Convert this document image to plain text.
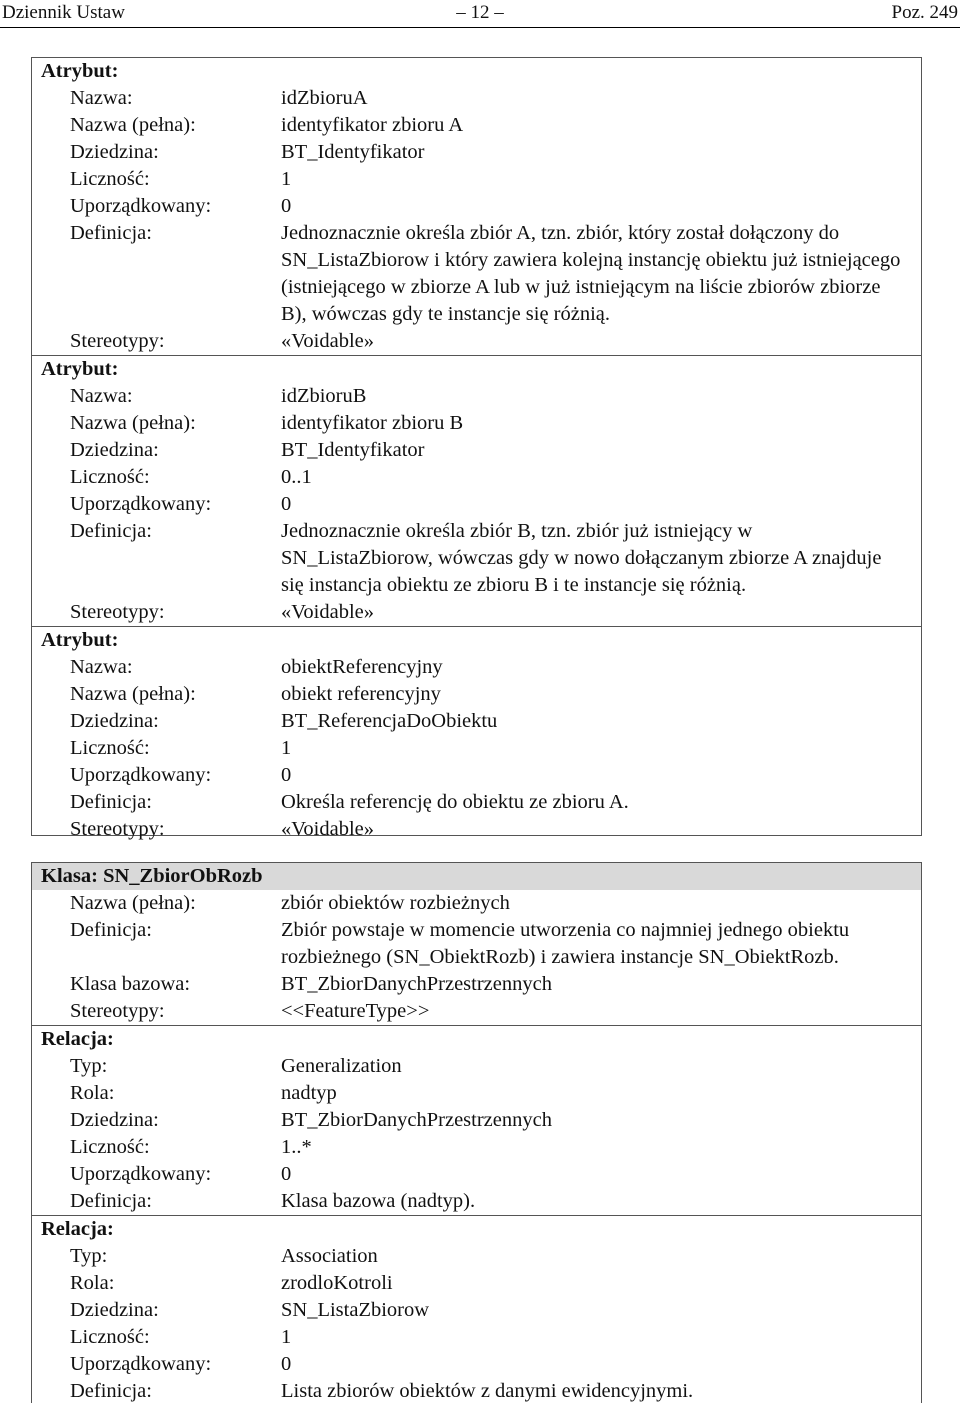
Dziennik Ustaw	– 12 –	Poz. 249
Atrybut:
Nazwa:	idZbioruA
Nazwa (pełna):	identyfikator zbioru A
Dziedzina:	BT_Identyfikator
Liczność:	1
Uporządkowany:	0
Definicja:	Jednoznacznie określa zbiór A, tzn. zbiór, który został dołączony do SN_ListaZbiorow i który zawiera kolejną instancję obiektu już istniejącego (istniejącego w zbiorze A lub w już istniejącym na liście zbiorów zbiorze B), wówczas gdy te instancje się różnią.
Stereotypy:	«Voidable»
Atrybut:
Nazwa:	idZbioruB
Nazwa (pełna):	identyfikator zbioru B
Dziedzina:	BT_Identyfikator
Liczność:	0..1
Uporządkowany:	0
Definicja:	Jednoznacznie określa zbiór B, tzn. zbiór już istniejący w SN_ListaZbiorow, wówczas gdy w nowo dołączanym zbiorze A znajduje się instancja obiektu ze zbioru B i te instancje się różnią.
Stereotypy:	«Voidable»
Atrybut:
Nazwa:	obiektReferencyjny
Nazwa (pełna):	obiekt referencyjny
Dziedzina:	BT_ReferencjaDoObiektu
Liczność:	1
Uporządkowany:	0
Definicja:	Określa referencję do obiektu ze zbioru A.
Stereotypy:	«Voidable»
Klasa: SN_ZbiorObRozb
Nazwa (pełna):	zbiór obiektów rozbieżnych
Definicja:	Zbiór powstaje w momencie utworzenia co najmniej jednego obiektu rozbieżnego (SN_ObiektRozb) i zawiera instancje SN_ObiektRozb.
Klasa bazowa:	BT_ZbiorDanychPrzestrzennych
Stereotypy:	<<FeatureType>>
Relacja:
Typ:	Generalization
Rola:	nadtyp
Dziedzina:	BT_ZbiorDanychPrzestrzennych
Liczność:	1..*
Uporządkowany:	0
Definicja:	Klasa bazowa (nadtyp).
Relacja:
Typ:	Association
Rola:	zrodloKotroli
Dziedzina:	SN_ListaZbiorow
Liczność:	1
Uporządkowany:	0
Definicja:	Lista zbiorów obiektów z danymi ewidencyjnymi.
